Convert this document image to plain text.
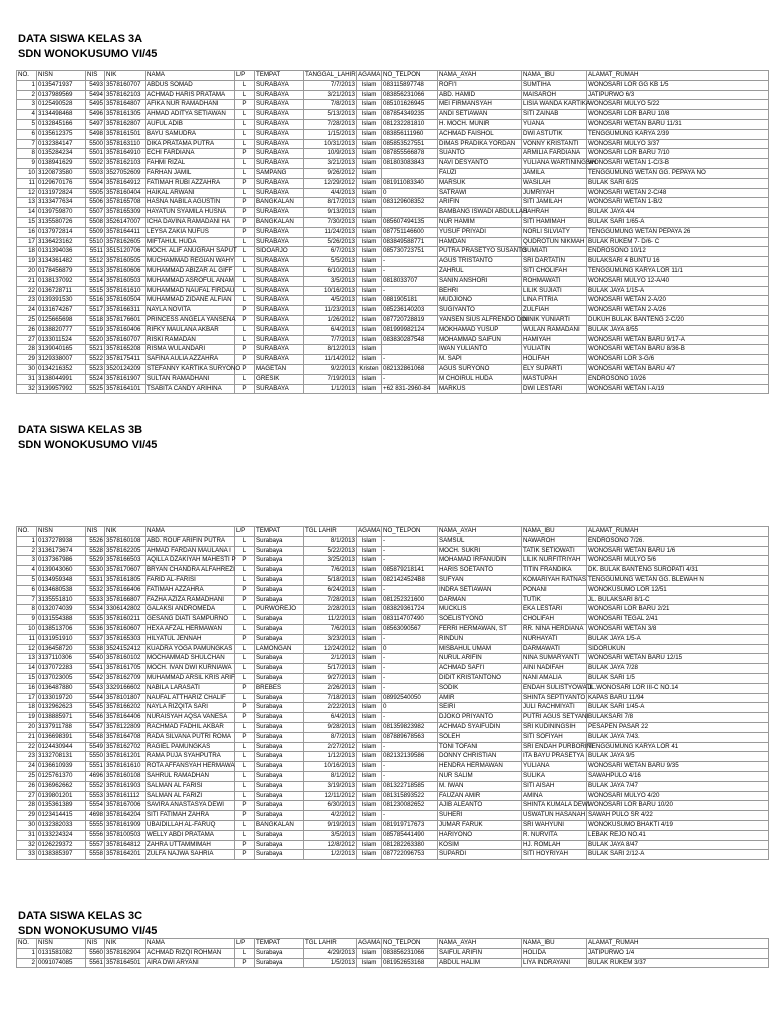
DATA SISWA KELAS 3A
SDN WONOKUSUMO VI/45
NO.	NISN	NIS	NIK	NAMA	L/P	TEMPAT	TANGGAL_LAHIR	AGAMA	NO_TELPON	NAMA_AYAH	NAMA_IBU	ALAMAT_RUMAH
1	0135471937	5493	3578160707	ABDUS SOMAD	L	SURABAYA	7/7/2013	Islam	083115897748	ROFI'I	SUMTIHA	WONOSARI LOR GG KB 1/5
2	0137989569	5494	3578162103	ACHMAD HARIS PRATAMA	L	SURABAYA	3/21/2013	Islam	083856231066	ABD. HAMID	MAISAROH	JATIPURWO 6/3
3	0125490528	5495	3578164807	AFIKA NUR RAMADHANI	P	SURABAYA	7/8/2013	Islam	085101626945	MEI FIRMANSYAH	LISIA WANDA KARTIKA	WONOSARI MULYO 5/22
4	3134498468	5496	3578161305	AHMAD ADITYA SETIAWAN	L	SURABAYA	5/13/2013	Islam	087854349235	ANDI SETIAWAN	SITI ZAINAB	WONOSARI LOR BARU 10/8
5	0132845166	5497	3578162807	AUFUL ADIB	L	SURABAYA	7/28/2013	Islam	081232281810	H. MOCH. MUNIR	YUANA	WONOSARI WETAN BARU 11/31
6	0135612375	5498	3578161501	BAYU SAMUDRA	L	SURABAYA	1/15/2013	Islam	083856111960	ACHMAD FAISHOL	DWI ASTUTIK	TENGGUMUNG KARYA 2/39
7	0132384147	5500	3578163110	DIKA PRATAMA PUTRA	L	SURABAYA	10/31/2013	Islam	085853527551	DIMAS PRADIKA YORDAN	VONNY KRISTANTI	WONOSARI MULYO 3/37
8	0135284234	5501	3578164910	ECHI FARDIANA	P	SURABAYA	10/9/2013	Islam	087855566878	SUANTO	ARMILIA FARDIANA	WONOSARI LOR BARU 7/10
9	0138941629	5502	3578162103	FAHMI RIZAL	L	SURABAYA	3/21/2013	Islam	081803083843	NAVI DESYANTO	YULIANA WARTININGSIH	WONOSARI WETAN 1-C/3-B
10	3120873580	5503	3527052609	FARHAN JAMIL	L	SAMPANG	9/26/2012	Islam		FAUZI	JAMILA	TENGGUMUNG WETAN GG. PEPAYA NO
11	0129670176	5504	3578164912	FATIMAH RUBI AZZAHRA	P	SURABAYA	12/29/2012	Islam	081911083340	MARSUK	WASILAH	BULAK SARI 6/25
12	0131972824	5505	3578160404	HAIKAL ARWANI	L	SURABAYA	4/4/2013	Islam	0	SATRAWI	JUMRIYAH	WONOSARI WETAN 2-C/48
13	3133477634	5506	3578165708	HASNA NABILA AGUSTIN	P	BANGKALAN	8/17/2013	Islam	083129608352	ARIFIN	SITI JAMILAH	WONOSARI WETAN 1-B/2
14	0139759870	5507	3578165309	HAYATUN SYAMILA HUSNA	P	SURABAYA	9/13/2013	Islam		BAMBANG ISWADI ABDULLAH	SAHRAH	BULAK JAYA 4/4
15	3135580726	5508	3526147007	ICHA DAVINA RAMADANI HA	P	BANGKALAN	7/30/2013	Islam	085607494135	NUR HAMIM	SITI HAMIMAH	BULAK SARI 1/65-A
16	0137972814	5509	3578164411	LEYSA ZAKIA NUFUS	P	SURABAYA	11/24/2013	Islam	087751146600	YUSUF PRIYADI	NORLI SILVIATY	TENGGUMUNG WETAN PEPAYA 26
17	3136423162	5510	3578162605	MIFTAHUL HUDA	L	SURABAYA	5/26/2013	Islam	083849588771	HAMDAN	QUDROTUN NIKMAH	BULAK RUKEM 7- D/6- C
18	0131394036	5511	3515120706	MOCH. ALIF ANUGRAH SAPUT	L	SIDOARJO	6/7/2013	Islam	085730723751	PUTRA PRASETYO SUSANTO	SUMIATI	ENDROSONO 10/12
19	3134361482	5512	3578160505	MUCHAMMAD REGIAN WAHY	L	SURABAYA	5/5/2013	Islam	-	AGUS TRISTANTO	SRI DARTATIN	BULAKSARI 4 BUNTU 16
20	0178456879	5513	3578160606	MUHAMMAD ABIZAR AL GIFF	L	SURABAYA	6/10/2013	Islam	-	ZAHRUL	SITI CHOLIFAH	TENGGUMUNG KARYA LOR 11/1
21	0138137092	5514	3578160503	MUHAMMAD ASROFUL ANAM	L	SURABAYA	3/5/2013	Islam	0818033707	SANIN ANSHORI	ROHMAWATI	WONOSARI MULYO 12-A/40
22	0136728711	5515	3578161610	MUHAMMAD NAUFAL FIRDAU	L	SURABAYA	10/16/2013	Islam	-	BEHRI	LILIK SUJIATI	BULAK JAYA 1/15-A
23	0139391530	5516	3578160504	MUHAMMAD ZIDANE ALFIAN	L	SURABAYA	4/5/2013	Islam	0881905181	MUDJIONO	LINA FITRIA	WONOSARI WETAN 2-A/20
24	0131674267	5517	3578166311	NAYLA NOVITA	P	SURABAYA	11/23/2013	Islam	085236140203	SUGIYANTO	ZULFIAH	WONOSARI WETAN 2-A/26
25	0125665698	5518	3578176601	PRINCESS ANGELA YANSENA	P	SURABAYA	1/26/2012	Islam	087720728819	YANSEN SIUS ALFRENDO DOI	NINIK YUNIARTI	DUKUH BULAK BANTENG 2-C/20
26	0138820777	5519	3578160406	RIFKY MAULANA AKBAR	L	SURABAYA	6/4/2013	Islam	081999982124	MOKHAMAD YUSUP	WULAN RAMADANI	BULAK JAYA 8/55
27	0133011524	5520	3578160707	RISKI RAMADAN	L	SURABAYA	7/7/2013	Islam	083830287548	MOHAMMAD SAIFUN	HAMIYAH	WONOSARI WETAN BARU 9/17-A
28	3139040165	5521	3578165208	RISMA WULANDARI	P	SURABAYA	8/12/2013	Islam		IWAN YULIANTO	YULIATIN	WONOSARI WETAN BARU 8/36-B
29	3129338007	5522	3578175411	SAFINA AULIA AZZAHRA	P	SURABAYA	11/14/2012	Islam	-	M. SAPI	HOLIFAH	WONOSARI LOR 3-G/6
30	0134216352	5523	3520124209	STEFANNY KARTIKA SURYONO	P	MAGETAN	9/2/2013	Kristen	082132861068	AGUS SURYONO	ELY SUPARTI	WONOSARI WETAN BARU 4/7
31	3138044991	5524	3578161907	SULTAN RAMADHANI	L	GRESIK	7/19/2013	Islam	-	M CHOIRUL HUDA	MASTUPAH	ENDROSONO 10/26
32	3139957992	5525	3578164101	TSABITA CANDY ARIHINA	P	SURABAYA	1/1/2013	Islam	+62 831-2960-84	MARKUS	DWI LESTARI	WONOSARI WETAN I-A/19
DATA SISWA KELAS 3B
SDN WONOKUSUMO VI/45
NO.	NISN	NIS	NIK	NAMA	L/P	TEMPAT	TGL LAHIR	AGAMA	NO_TELPON	NAMA_AYAH	NAMA_IBU	ALAMAT_RUMAH
1	0137278938	5526	3578160108	ABD. ROUF ARIFIN PUTRA	L	Surabaya	8/1/2013	Islam	-	SAMSUL	NAWAROH	ENDROSONO 7/26.
2	3136173674	5528	3578162205	AHMAD FARDAN MAULANA I	L	Surabaya	5/22/2013	Islam	-	MOCH. SUKRI	TATIK SETIOWATI	WONOSARI WETAN BARU 1/6
3	0137367986	5529	3578166503	AQILLA DZAKIYAH MAHESTI P	P	Surabaya	3/25/2013	Islam	-	MOHAMAD IRFANUDIN	LILIK NURFITRIYAH	WONOSARI MULYO 5/6
4	0139043060	5530	3578170607	BRYAN CHANDRA ALFAHREZI	L	Surabaya	7/6/2013	Islam	085879218141	HARIS SOETANTO	TITIN FRANDIKA	DK. BULAK BANTENG SUROPATI 4/31
5	0134959348	5531	3578161805	FARID AL-FARISI	L	Surabaya	5/18/2013	Islam	0821424524B8	SUFYAN	KOMARIYAH RATNAS	TENGGUMUNG WETAN GG. BLEWAH N
6	0134680538	5532	3578166406	FATIMAH AZZAHRA	P	Surabaya	6/24/2013	Islam	-	INDRA SETIAWAN	PONANI	WONOKUSUMO LOR 12/51
7	3135551810	5533	3578166807	FAZHA AZIZA RAMADHANI	P	Surabaya	7/28/2013	Islam	081252321600	DARMAN	TUTIK	JL. BULAKSARI 8/1-C
8	0132074039	5534	3306142802	GALAKSI ANDROMEDA	L	PURWOREJO	2/28/2013	Islam	083829361724	MUCKLIS	EKA LESTARI	WONOSARI LOR BARU 2/21
9	0131554388	5535	3578160211	GESANG DIATI SAMPURNO	L	Surabaya	11/2/2013	Islam	083114707490	SOELISTYONO	CHOLIFAH	WONOSARI TEGAL 2/41
10	0138513706	5536	3578160607	HEXA AFZAL HERMAWAN	L	Surabaya	7/6/2013	Islam	08563090567	FERRI HERMAWAN, ST	RR. NINA HERDIANA	WONOSARI WETAN 3/8
11	0131951910	5537	3578165303	HILYATUL JENNAH	P	Surabaya	3/23/2013	Islam	-	RINDUN	NURHAYATI	BULAK JAYA 1/5-A
12	0136458720	5538	3524152412	KUADRA YOGA PAMUNGKAS	L	LAMONGAN	12/24/2012	Islam	0	MISBAHUL UMAM	DARMAWATI	SIDORUKUN
13	3137110306	5540	3578160102	MOCHAMMAD SHULCHAN	L	Surabaya	2/1/2013	Islam	-	NURUL ARIFIN	NINA SUMARYANTI	WONOSARI WETAN BARU 12/15
14	0137072283	5541	3578161705	MOCH. IVAN DWI KURNIAWA	L	Surabaya	5/17/2013	Islam	-	ACHMAD SAFI'I	AINI NADIFAH	BULAK JAYA 7/28
15	0137023005	5542	3578162709	MUHAMMAD ARSIL KRIS ARIF	L	Surabaya	9/27/2013	Islam	-	DIDIT KRISTANTONO	NANI AMALIA	BULAK SARI 1/5
16	0136487880	5543	3329166602	NABILA LARASATI	P	BREBES	2/26/2013	Islam	-	SODIK	ENDAH SULISTYOWATI	JL.WONOSARI LOR III-C NO.14
17	0133019720	5544	3578101807	NAUFAL ATTHARIZ CHALIF	L	Surabaya	7/18/2013	Islam	08992540050	AMIR	SHINTA SEPTIYANTO	KAPAS BARU 11/94
18	0132962623	5545	3578166202	NAYLA RIZQITA SARI	P	Surabaya	2/22/2013	Islam	0	SEIRI	JULI RACHMIYATI	BULAK SARI 1/45-A
19	0138885971	5546	3578164406	NURAISYAH AQSA VANESA	P	Surabaya	6/4/2013	Islam	-	DJOKO PRIYANTO	PUTRI AGUS SETYANI	BULAKSARI 7/8
20	3137911788	5547	3578122809	RACHMAD FADHIL AKBAR	L	Surabaya	9/28/2013	Islam	081359823982	ACHMAD SYAIFUDIN	SRI KUDININGSIH	PESAPEN PASAR 22
21	0136698391	5548	3578164708	RADA SILVANA PUTRI ROMA	P	Surabaya	8/7/2013	Islam	087889678563	SOLEH	SITI SOFIYAH	BULAK JAYA 7/43.
22	0124430944	5549	3578162702	RAGIEL PAMUNGKAS	L	Surabaya	2/27/2012	Islam	-	TONI TOFANI	SRI ENDAH PURBORINI	TENGGUMUNG KARYA LOR 41
23	3132708131	5550	3578161201	RAMA PUJA SYAHPUTRA	L	Surabaya	1/12/2013	Islam	082132139586	DONNY CHRISTIAN	ITA BAYU PRASETYA	BULAK JAYA 9/5
24	0136610939	5551	3578161610	ROTA AFFANSYAH HERMAWA	L	Surabaya	10/16/2013	Islam	-	HENDRA HERMAWAN	YULIANA	WONOSARI WETAN BARU 9/35
25	0125761370	4696	3578160108	SAHRUL RAMADHAN	L	Surabaya	8/1/2012	Islam	-	NUR SALIM	SULIKA	SAWAHPULO 4/16
26	0136962662	5552	3578161903	SALMAN AL FARISI	L	Surabaya	3/19/2013	Islam	081322718585	M. IWAN	SITI AISAH	BULAK JAYA 7/47
27	0139801201	5553	3578161112	SALMAN AL FARIZI	L	Surabaya	12/11/2012	Islam	081315893522	FAUZAN AMIR	AMINA	WONOSARI MULYO 4/20
28	0135361389	5554	3578167006	SAVIRA ANASTASYA DEWI	P	Surabaya	6/30/2013	Islam	081230082652	AJIB ALEANTO	SHINTA KUMALA DEWI	WONOSARI LOR BARU 10/20
29	0123414415	4698	3578164204	SITI FATIMAH ZAHRA	P	Surabaya	4/2/2012	Islam	-	SUHERI	USWATUN HASANAH	SAWAH PULO SR 4/22
30	0132382033	5555	3578161909	UBAIDILLAH AL-FARUQ	L	BANGKALAN	9/19/2013	Islam	081919717673	JUMAR FARUK	SRI WAHYUNI	WONOKUSUMO BHAKTI 4/19
31	0133224324	5556	3578100503	WELLY ABDI PRATAMA	L	Surabaya	3/5/2013	Islam	085785441490	HARIYONO	R. NURVITA	LEBAK REJO NO.41
32	0126229372	5557	3578164812	ZAHRA UTTAMMIMAH	P	Surabaya	12/8/2012	Islam	081282263380	KOSIM	HJ. ROMLAH	BULAK JAYA 8/47
33	0138385397	5558	3578164201	ZULFA NAJWA SAHRIA	P	Surabaya	1/2/2013	Islam	087722096753	SUPARDI	SITI HOYRIYAH	BULAK SARI 2/12-A
DATA SISWA KELAS 3C
SDN WONOKUSUMO VI/45
NO.	NISN	NIS	NIK	NAMA	L/P	TEMPAT	TGL LAHIR	AGAMA	NO_TELPON	NAMA_AYAH	NAMA_IBU	ALAMAT_RUMAH
1	0131581082	5560	3578162904	ACHMAD RIZQI ROHMAN	L	Surabaya	4/29/2013	Islam	083856231066	SAIFUL ARIFIN	HOLIDA	JATIPURWO 1/4
2	0091074085	5561	3578164501	AIRA DWI ARYANI	P	Surabaya	1/5/2013	Islam	081952653168	ABDUL HALIM	LIYA INDRAYANI	BULAK RUKEM 3/37
